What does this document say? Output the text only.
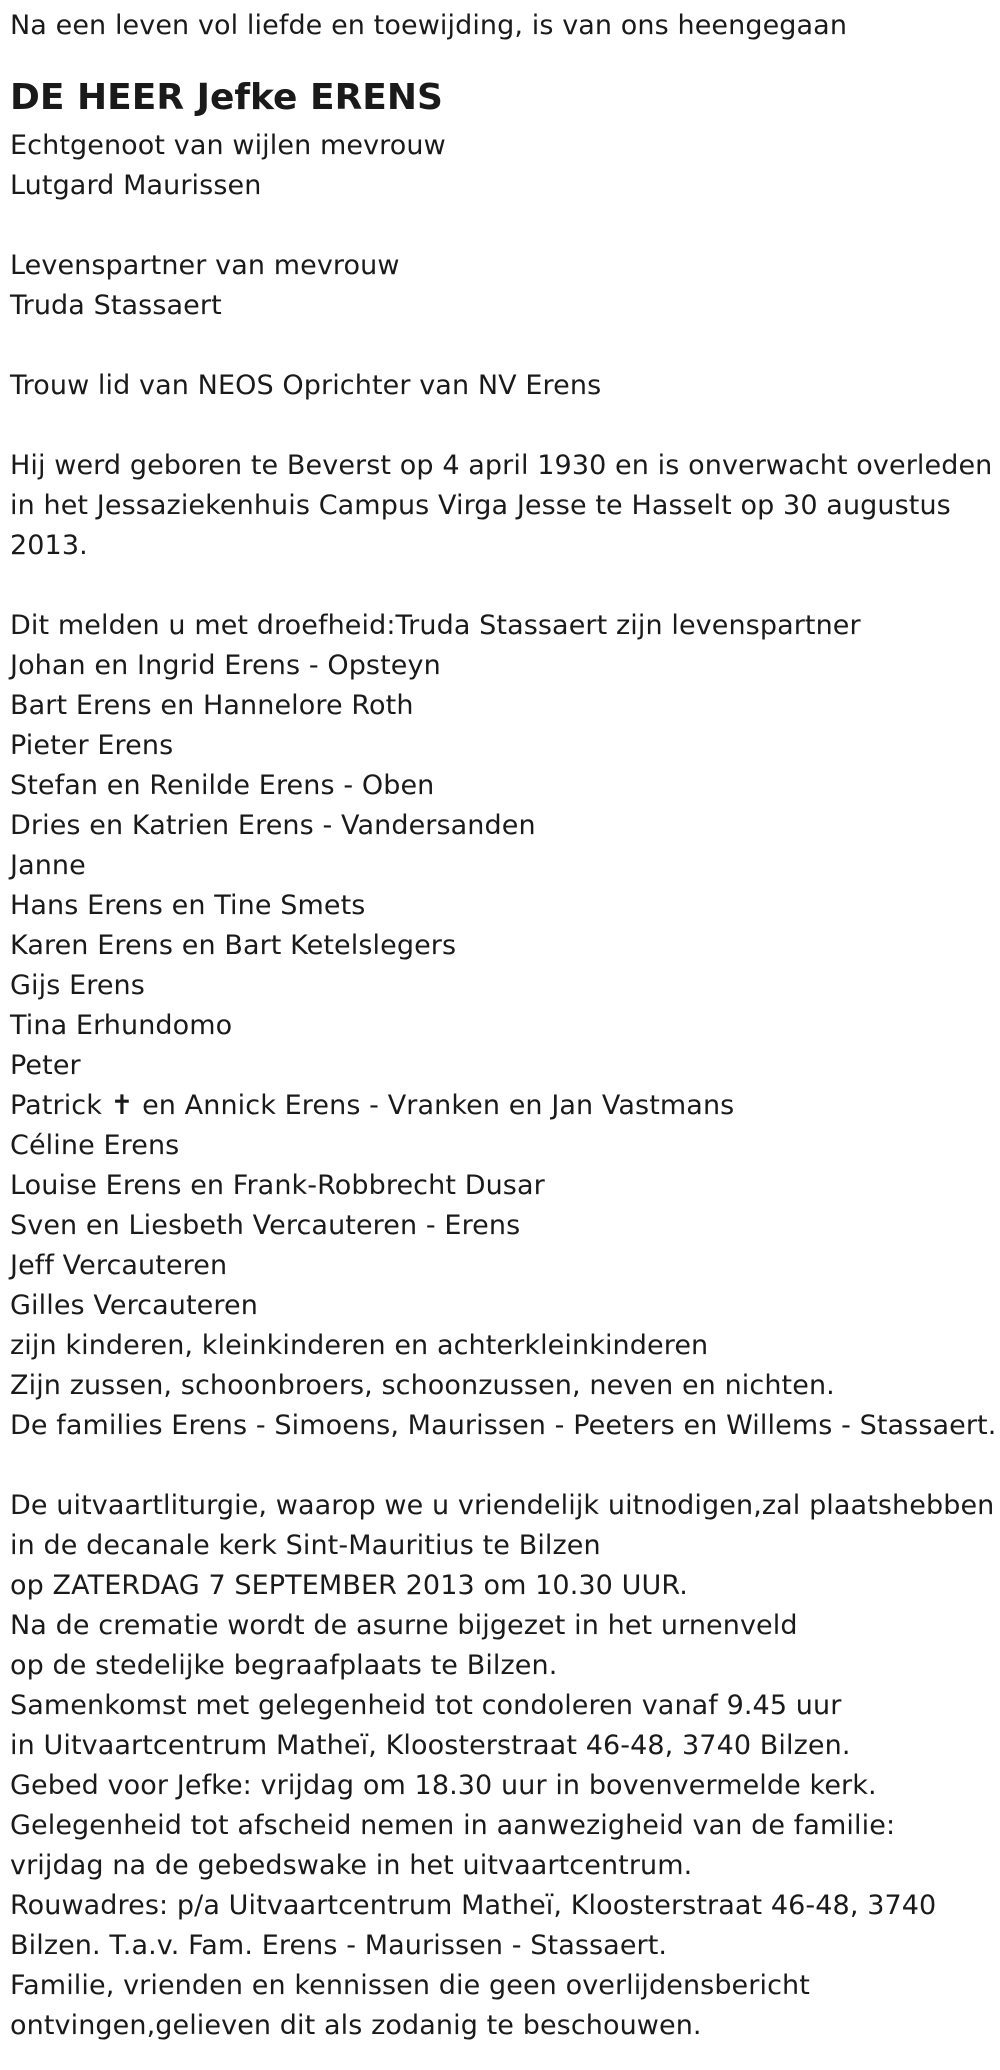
Na een leven vol liefde en toewijding, is van ons heengegaan
DE HEER Jefke ERENS
Echtgenoot van wijlen mevrouw
Lutgard Maurissen
Levenspartner van mevrouw
Truda Stassaert
Trouw lid van NEOS Oprichter van NV Erens
Hij werd geboren te Beverst op 4 april 1930 en is onverwacht overleden
in het Jessaziekenhuis Campus Virga Jesse te Hasselt op 30 augustus
2013.
Dit melden u met droefheid:Truda Stassaert zijn levenspartner
Johan en Ingrid Erens - Opsteyn
Bart Erens en Hannelore Roth
Pieter Erens
Stefan en Renilde Erens - Oben
Dries en Katrien Erens - Vandersanden
Janne
Hans Erens en Tine Smets
Karen Erens en Bart Ketelslegers
Gijs Erens
Tina Erhundomo
Peter
Patrick ✝ en Annick Erens - Vranken en Jan Vastmans
Céline Erens
Louise Erens en Frank-Robbrecht Dusar
Sven en Liesbeth Vercauteren - Erens
Jeff Vercauteren
Gilles Vercauteren
zijn kinderen, kleinkinderen en achterkleinkinderen
Zijn zussen, schoonbroers, schoonzussen, neven en nichten.
De families Erens - Simoens, Maurissen - Peeters en Willems - Stassaert.
De uitvaartliturgie, waarop we u vriendelijk uitnodigen,zal plaatshebben
in de decanale kerk Sint-Mauritius te Bilzen
op ZATERDAG 7 SEPTEMBER 2013 om 10.30 UUR.
Na de crematie wordt de asurne bijgezet in het urnenveld
op de stedelijke begraafplaats te Bilzen.
Samenkomst met gelegenheid tot condoleren vanaf 9.45 uur
in Uitvaartcentrum Matheï, Kloosterstraat 46-48, 3740 Bilzen.
Gebed voor Jefke: vrijdag om 18.30 uur in bovenvermelde kerk.
Gelegenheid tot afscheid nemen in aanwezigheid van de familie:
vrijdag na de gebedswake in het uitvaartcentrum.
Rouwadres: p/a Uitvaartcentrum Matheï, Kloosterstraat 46-48, 3740
Bilzen. T.a.v. Fam. Erens - Maurissen - Stassaert.
Familie, vrienden en kennissen die geen overlijdensbericht
ontvingen,gelieven dit als zodanig te beschouwen.
